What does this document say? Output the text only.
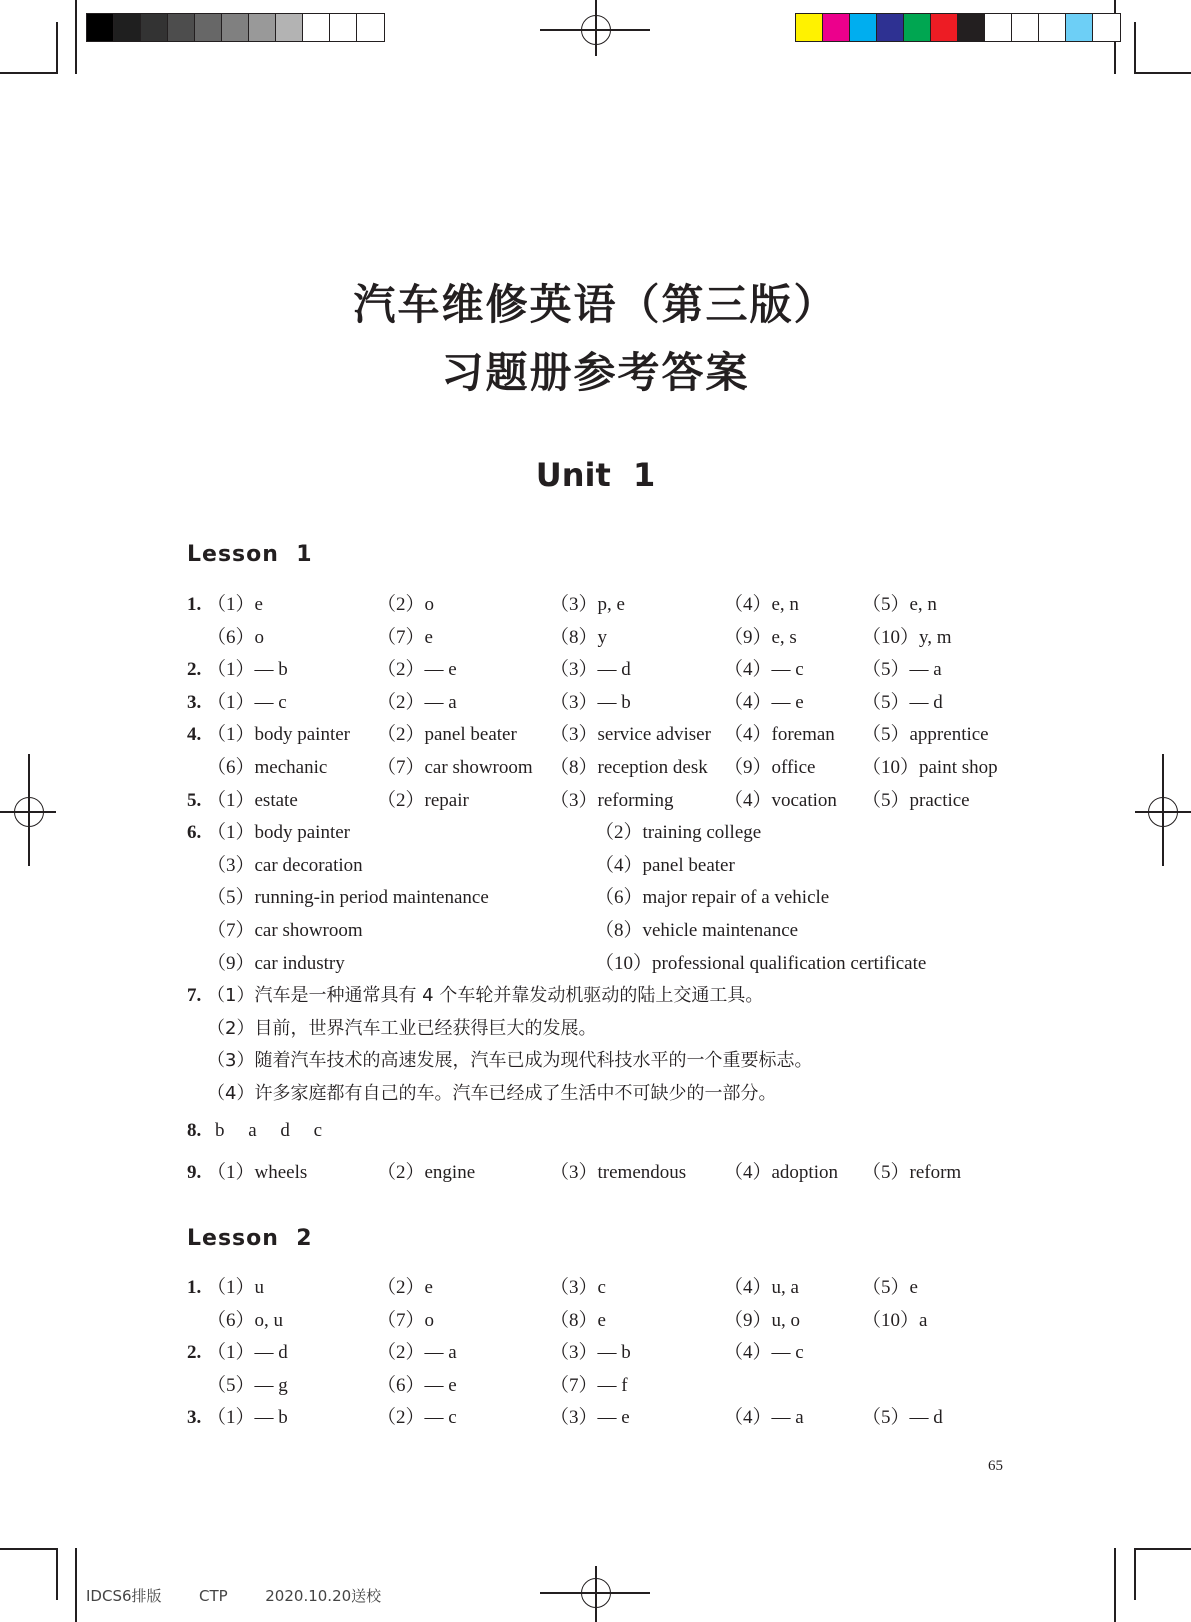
汽车维修英语（第三版）
习题册参考答案
Unit  1
Lesson  1
1. （1）e	（2）o	（3）p, e	（4）e, n	（5）e, n
（6）o	（7）e	（8）y	（9）e, s	（10）y, m
2. （1）— b	（2）— e	（3）— d	（4）— c	（5）— a
3. （1）— c	（2）— a	（3）— b	（4）— e	（5）— d
4. （1）body painter （2）panel beater （3）service adviser （4）foreman （5）apprentice
（6）mechanic	（7）car showroom （8）reception desk （9）office （10）paint shop
5. （1）estate	（2）repair	（3）reforming	（4）vocation （5）practice
6. （1）body painter	（2）training college
（3）car decoration	（4）panel beater
（5）running-in period maintenance	（6）major repair of a vehicle
（7）car showroom	（8）vehicle maintenance
（9）car industry	（10）professional qualification certificate
7. （1）汽车是一种通常具有 4 个车轮并靠发动机驱动的陆上交通工具。
（2）目前，世界汽车工业已经获得巨大的发展。
（3）随着汽车技术的高速发展，汽车已成为现代科技水平的一个重要标志。
（4）许多家庭都有自己的车。汽车已经成了生活中不可缺少的一部分。
8. b     a     d     c
9. （1）wheels	（2）engine	（3）tremendous （4）adoption （5）reform
Lesson  2
1. （1）u	（2）e	（3）c	（4）u, a	（5）e
（6）o, u	（7）o	（8）e	（9）u, o	（10）a
2. （1）— d	（2）— a	（3）— b	（4）— c
（5）— g	（6）— e	（7）— f
3. （1）— b	（2）— c	（3）— e	（4）— a	（5）— d
65
IDCS6排版  CTP  2020.10.20送校
